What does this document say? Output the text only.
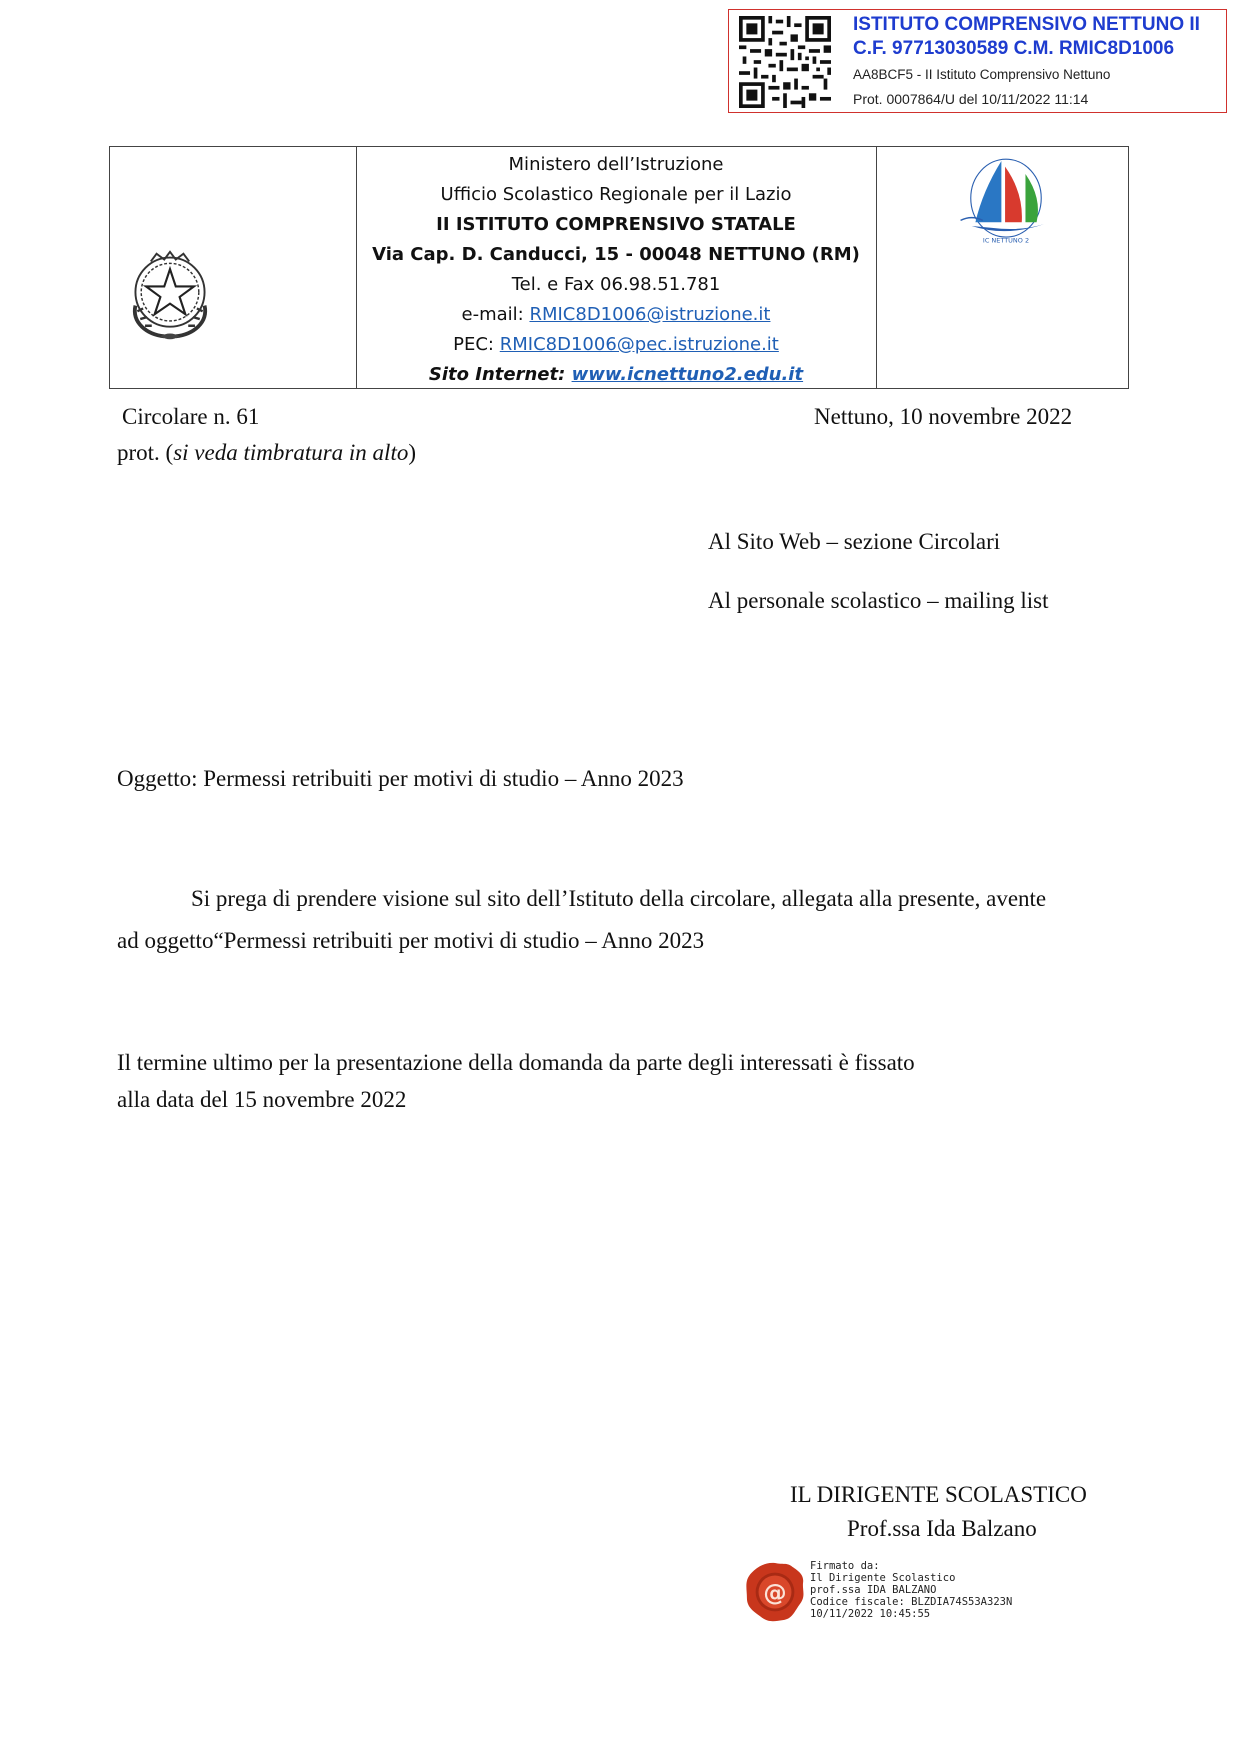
ISTITUTO COMPRENSIVO NETTUNO II
C.F. 97713030589 C.M. RMIC8D1006
AA8BCF5 - II Istituto Comprensivo Nettuno
Prot. 0007864/U del 10/11/2022 11:14
Ministero dell’Istruzione
Ufficio Scolastico Regionale per il Lazio
II ISTITUTO COMPRENSIVO STATALE
Via Cap. D. Canducci, 15 - 00048 NETTUNO (RM)
Tel. e Fax 06.98.51.781
e-mail: RMIC8D1006@istruzione.it
PEC: RMIC8D1006@pec.istruzione.it
Sito Internet: www.icnettuno2.edu.it
IC NETTUNO 2
Circolare n. 61	Nettuno, 10 novembre 2022
prot. (si veda timbratura in alto)
Al Sito Web – sezione Circolari
Al personale scolastico – mailing list
Oggetto: Permessi retribuiti per motivi di studio – Anno 2023
Si prega di prendere visione sul sito dell’Istituto della circolare, allegata alla presente, avente
ad oggetto“Permessi retribuiti per motivi di studio – Anno 2023
Il termine ultimo per la presentazione della domanda da parte degli interessati è fissato
alla data del 15 novembre 2022
IL DIRIGENTE SCOLASTICO
Prof.ssa Ida Balzano
@
Firmato da:
Il Dirigente Scolastico
prof.ssa IDA BALZANO
Codice fiscale: BLZDIA74S53A323N
10/11/2022 10:45:55
